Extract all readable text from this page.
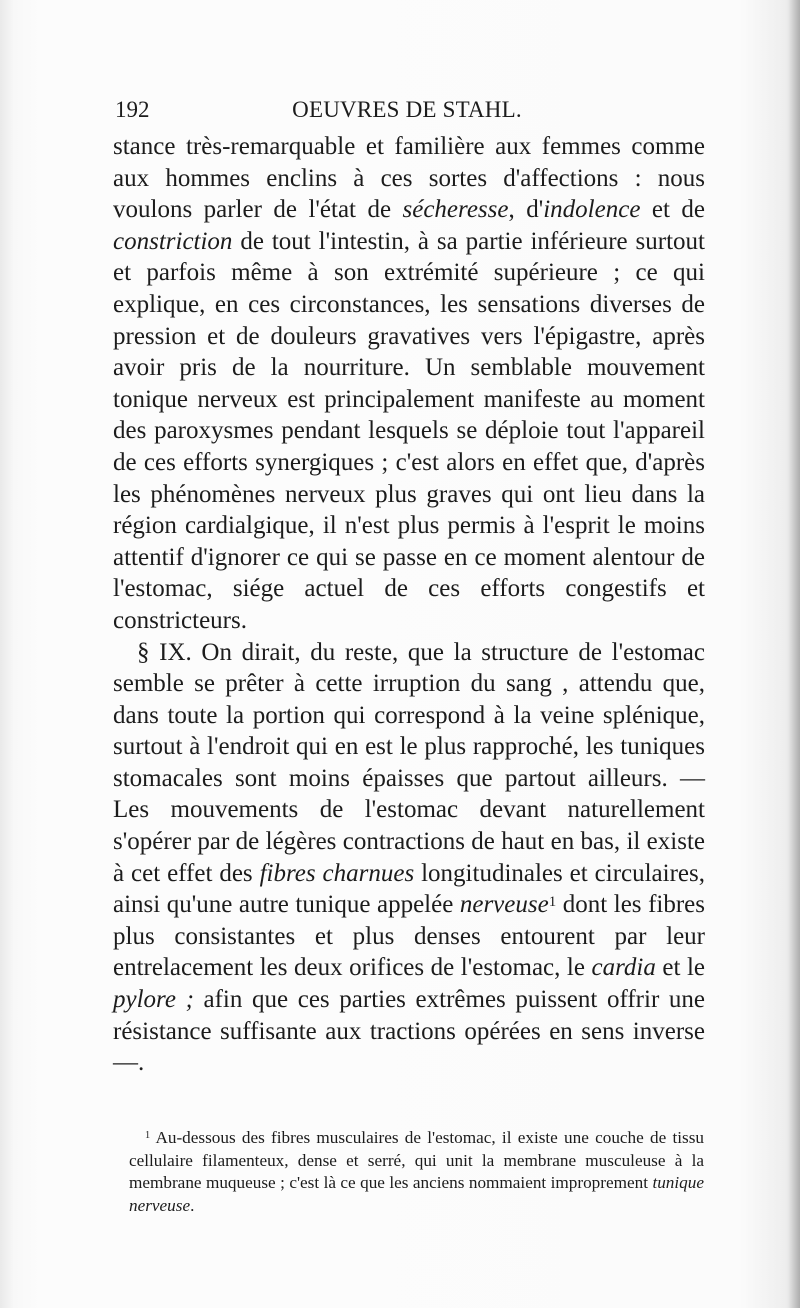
192	OEUVRES DE STAHL.

stance très-remarquable et familière aux femmes comme aux hommes enclins à ces sortes d'affections : nous voulons parler de l'état de sécheresse, d'indolence et de constriction de tout l'intestin, à sa partie inférieure surtout et parfois même à son extrémité supérieure ; ce qui explique, en ces circonstances, les sensations diverses de pression et de douleurs gravatives vers l'épigastre, après avoir pris de la nourriture. Un semblable mouvement tonique nerveux est principalement manifeste au moment des paroxysmes pendant lesquels se déploie tout l'appareil de ces efforts synergiques ; c'est alors en effet que, d'après les phénomènes nerveux plus graves qui ont lieu dans la région cardialgique, il n'est plus permis à l'esprit le moins attentif d'ignorer ce qui se passe en ce moment alentour de l'estomac, siége actuel de ces efforts congestifs et constricteurs.

§ IX. On dirait, du reste, que la structure de l'estomac semble se prêter à cette irruption du sang , attendu que, dans toute la portion qui correspond à la veine splénique, surtout à l'endroit qui en est le plus rapproché, les tuniques stomacales sont moins épaisses que partout ailleurs. — Les mouvements de l'estomac devant naturellement s'opérer par de légères contractions de haut en bas, il existe à cet effet des fibres charnues longitudinales et circulaires, ainsi qu'une autre tunique appelée nerveuse$^1$ dont les fibres plus consistantes et plus denses entourent par leur entrelacement les deux orifices de l'estomac, le cardia et le pylore ; afin que ces parties extrêmes puissent offrir une résistance suffisante aux tractions opérées en sens inverse —.

$^1$ Au-dessous des fibres musculaires de l'estomac, il existe une couche de tissu cellulaire filamenteux, dense et serré, qui unit la membrane musculeuse à la membrane muqueuse ; c'est là ce que les anciens nommaient improprement tunique nerveuse.
